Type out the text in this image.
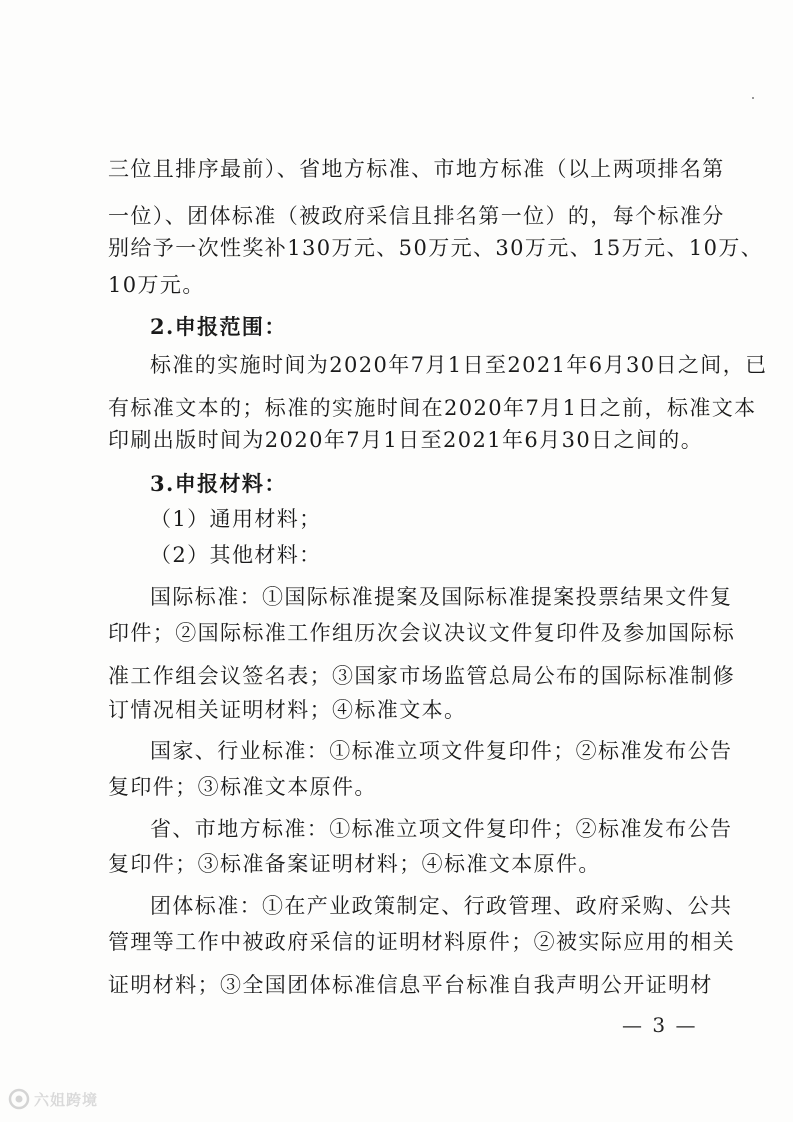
三位且排序最前）、省地方标准、市地方标准（以上两项排名第
一位）、团体标准（被政府采信且排名第一位）的，每个标准分
别给予一次性奖补130万元、50万元、30万元、15万元、10万、
10万元。
2.申报范围：
标准的实施时间为2020年7月1日至2021年6月30日之间，已
有标准文本的；标准的实施时间在2020年7月1日之前，标准文本
印刷出版时间为2020年7月1日至2021年6月30日之间的。
3.申报材料：
（1）通用材料；
（2）其他材料：
国际标准：①国际标准提案及国际标准提案投票结果文件复
印件；②国际标准工作组历次会议决议文件复印件及参加国际标
准工作组会议签名表；③国家市场监管总局公布的国际标准制修
订情况相关证明材料；④标准文本。
国家、行业标准：①标准立项文件复印件；②标准发布公告
复印件；③标准文本原件。
省、市地方标准：①标准立项文件复印件；②标准发布公告
复印件；③标准备案证明材料；④标准文本原件。
团体标准：①在产业政策制定、行政管理、政府采购、公共
管理等工作中被政府采信的证明材料原件；②被实际应用的相关
证明材料；③全国团体标准信息平台标准自我声明公开证明材
— 3 —
六姐跨境
